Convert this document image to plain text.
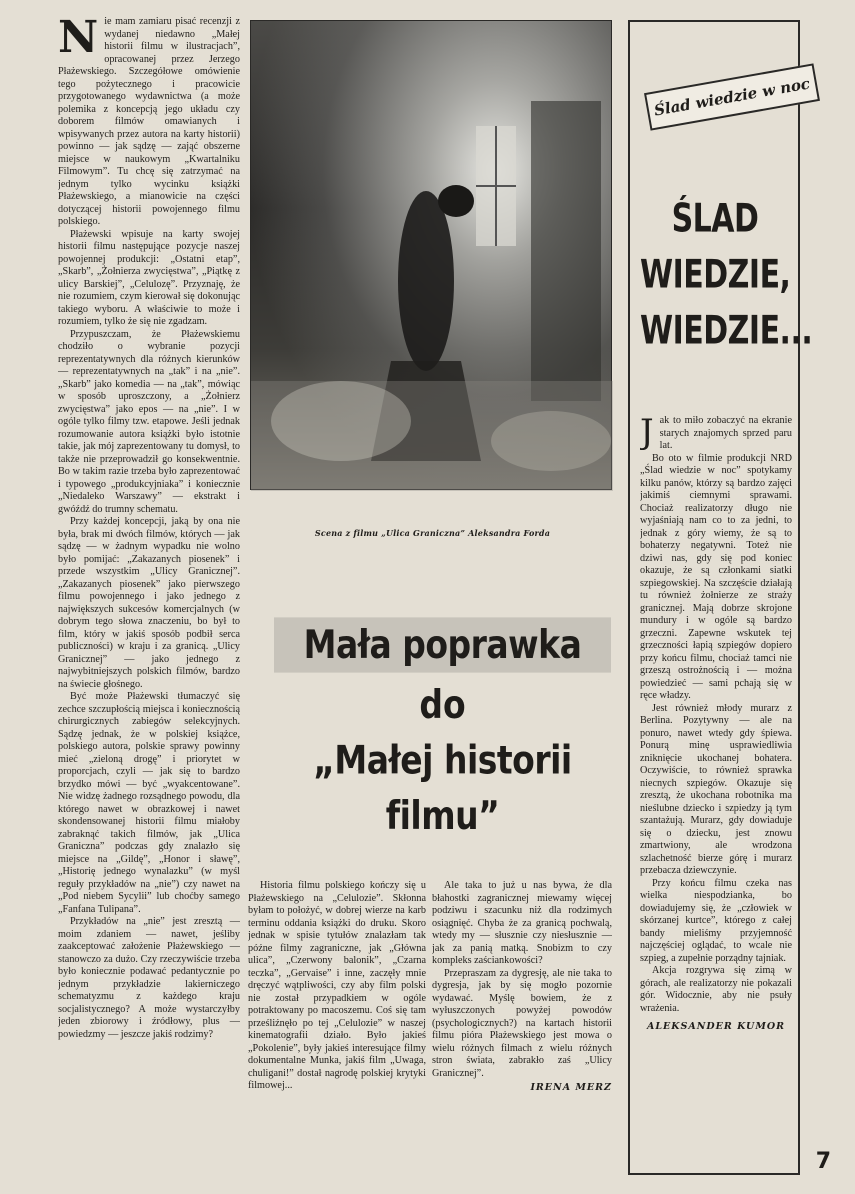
N ie mam zamiaru pisać recenzji z wydanej niedawno „Małej historii filmu w ilustracjach”, opracowanej przez Jerzego Płażewskiego. Szczegółowe omówienie tego pożytecznego i pracowicie przygotowanego wydawnictwa (a może polemika z koncepcją jego układu czy doborem filmów omawianych i wpisywanych przez autora na karty historii) powinno — jak sądzę — zająć obszerne miejsce w naukowym „Kwartalniku Filmowym”. Tu chcę się zatrzymać na jednym tylko wycinku książki Płażewskiego, a mianowicie na części dotyczącej historii powojennego filmu polskiego.

Płażewski wpisuje na karty swojej historii filmu następujące pozycje naszej powojennej produkcji: „Ostatni etap”, „Skarb”, „Żołnierza zwycięstwa”, „Piątkę z ulicy Barskiej”, „Celulozę”. Przyznaję, że nie rozumiem, czym kierował się dokonując takiego wyboru. A właściwie to może i rozumiem, tylko że się nie zgadzam.

Przypuszczam, że Płażewskiemu chodziło o wybranie pozycji reprezentatywnych dla różnych kierunków — reprezentatywnych na „tak” i na „nie”. „Skarb” jako komedia — na „tak”, mówiąc w sposób uproszczony, a „Żołnierz zwycięstwa” jako epos — na „nie”. I w ogóle tylko filmy tzw. etapowe. Jeśli jednak rozumowanie autora książki było istotnie takie, jak mój zaprezentowany tu domysł, to także nie przeprowadził go konsekwentnie. Bo w takim razie trzeba było zaprezentować i typowego „produkcyjniaka” i koniecznie „Niedaleko Warszawy” — ekstrakt i gwóźdź do trumny schematu.

Przy każdej koncepcji, jaką by ona nie była, brak mi dwóch filmów, których — jak sądzę — w żadnym wypadku nie wolno było pomijać: „Zakazanych piosenek” i przede wszystkim „Ulicy Granicznej”. „Zakazanych piosenek” jako pierwszego filmu powojennego i jako jednego z największych sukcesów komercjalnych (w dobrym tego słowa znaczeniu, bo był to film, który w jakiś sposób podbił serca publiczności) w kraju i za granicą. „Ulicy Granicznej” — jako jednego z najwybitniejszych polskich filmów, bardzo na świecie głośnego.

Być może Płażewski tłumaczyć się zechce szczupłością miejsca i koniecznością chirurgicznych zabiegów selekcyjnych. Sądzę jednak, że w polskiej książce, polskiego autora, polskie sprawy powinny mieć „zieloną drogę” i priorytet w proporcjach, czyli — jak się to bardzo brzydko mówi — być „wyakcentowane”. Nie widzę żadnego rozsądnego powodu, dla którego nawet w obrazkowej i nawet skondensowanej historii filmu miałoby zabraknąć takich filmów, jak „Ulica Graniczna” podczas gdy znalazło się miejsce na „Gildę”, „Honor i sławę”, „Historię jednego wynalazku” (w myśl reguły przykładów na „nie”) czy nawet na „Pod niebem Sycylii” lub choćby samego „Fanfana Tulipana”.

Przykładów na „nie” jest zresztą — moim zdaniem — nawet, jeśliby zaakceptować założenie Płażewskiego — stanowczo za dużo. Czy rzeczywiście trzeba było koniecznie podawać pedantycznie po jednym przykładzie lakierniczego schematyzmu z każdego kraju socjalistycznego? A może wystarczyłby jeden zbiorowy i źródłowy, plus — powiedzmy — jeszcze jakiś rodzimy?

Scena z filmu „Ulica Graniczna” Aleksandra Forda
Mała poprawka
do
„Małej historii filmu”

Historia filmu polskiego kończy się u Płażewskiego na „Celulozie”. Skłonna byłam to położyć, w dobrej wierze na karb terminu oddania książki do druku. Skoro jednak w spisie tytułów znalazłam tak późne filmy zagraniczne, jak „Główna ulica”, „Czerwony balonik”, „Czarna teczka”, „Gervaise” i inne, zaczęły mnie dręczyć wątpliwości, czy aby film polski nie został przypadkiem w ogóle potraktowany po macoszemu. Coś się tam prześliźnęło po tej „Celulozie” w naszej kinematografii działo. Było jakieś „Pokolenie”, były jakieś interesujące filmy dokumentalne Munka, jakiś film „Uwaga, chuligani!” dostał nagrodę polskiej krytyki filmowej...

Ale taka to już u nas bywa, że dla błahostki zagranicznej miewamy więcej podziwu i szacunku niż dla rodzimych osiągnięć. Chyba że za granicą pochwalą, wtedy my — słusznie czy niesłusznie — jak za panią matką. Snobizm to czy kompleks zaściankowości?

Przepraszam za dygresję, ale nie taka to dygresja, jak by się mogło pozornie wydawać. Myślę bowiem, że z wyłuszczonych powyżej powodów (psychologicznych?) na kartach historii filmu pióra Płażewskiego jest mowa o wielu różnych filmach z wielu różnych stron świata, zabrakło zaś „Ulicy Granicznej”.

IRENA MERZ

Ślad wiedzie w noc
ŚLAD
WIEDZIE,
WIEDZIE...
J ak to miło zobaczyć na ekranie starych znajomych sprzed paru lat.

Bo oto w filmie produkcji NRD „Ślad wiedzie w noc” spotykamy kilku panów, którzy są bardzo zajęci jakimiś ciemnymi sprawami. Chociaż realizatorzy długo nie wyjaśniają nam co to za jedni, to jednak z góry wiemy, że są to bohaterzy negatywni. Toteż nie dziwi nas, gdy się pod koniec okazuje, że są członkami siatki szpiegowskiej. Na szczęście działają tu również żołnierze ze straży granicznej. Mają dobrze skrojone mundury i w ogóle są bardzo grzeczni. Zapewne wskutek tej grzeczności łapią szpiegów dopiero przy końcu filmu, chociaż tamci nie grzeszą ostrożnością i — można powiedzieć — sami pchają się w ręce władzy.

Jest również młody murarz z Berlina. Pozytywny — ale na ponuro, nawet wtedy gdy śpiewa. Ponurą minę usprawiedliwia zniknięcie ukochanej bohatera. Oczywiście, to również sprawka niecnych szpiegów. Okazuje się zresztą, że ukochana robotnika ma nieślubne dziecko i szpiedzy ją tym szantażują. Murarz, gdy dowiaduje się o dziecku, jest znowu zmartwiony, ale wrodzona szlachetność bierze górę i murarz przebacza dziewczynie.

Przy końcu filmu czeka nas wielka niespodzianka, bo dowiadujemy się, że „człowiek w skórzanej kurtce”, którego z całej bandy mieliśmy przyjemność najczęściej oglądać, to wcale nie szpieg, a zupełnie porządny tajniak.

Akcja rozgrywa się zimą w górach, ale realizatorzy nie pokazali gór. Widocznie, aby nie psuły wrażenia.

ALEKSANDER KUMOR

7
